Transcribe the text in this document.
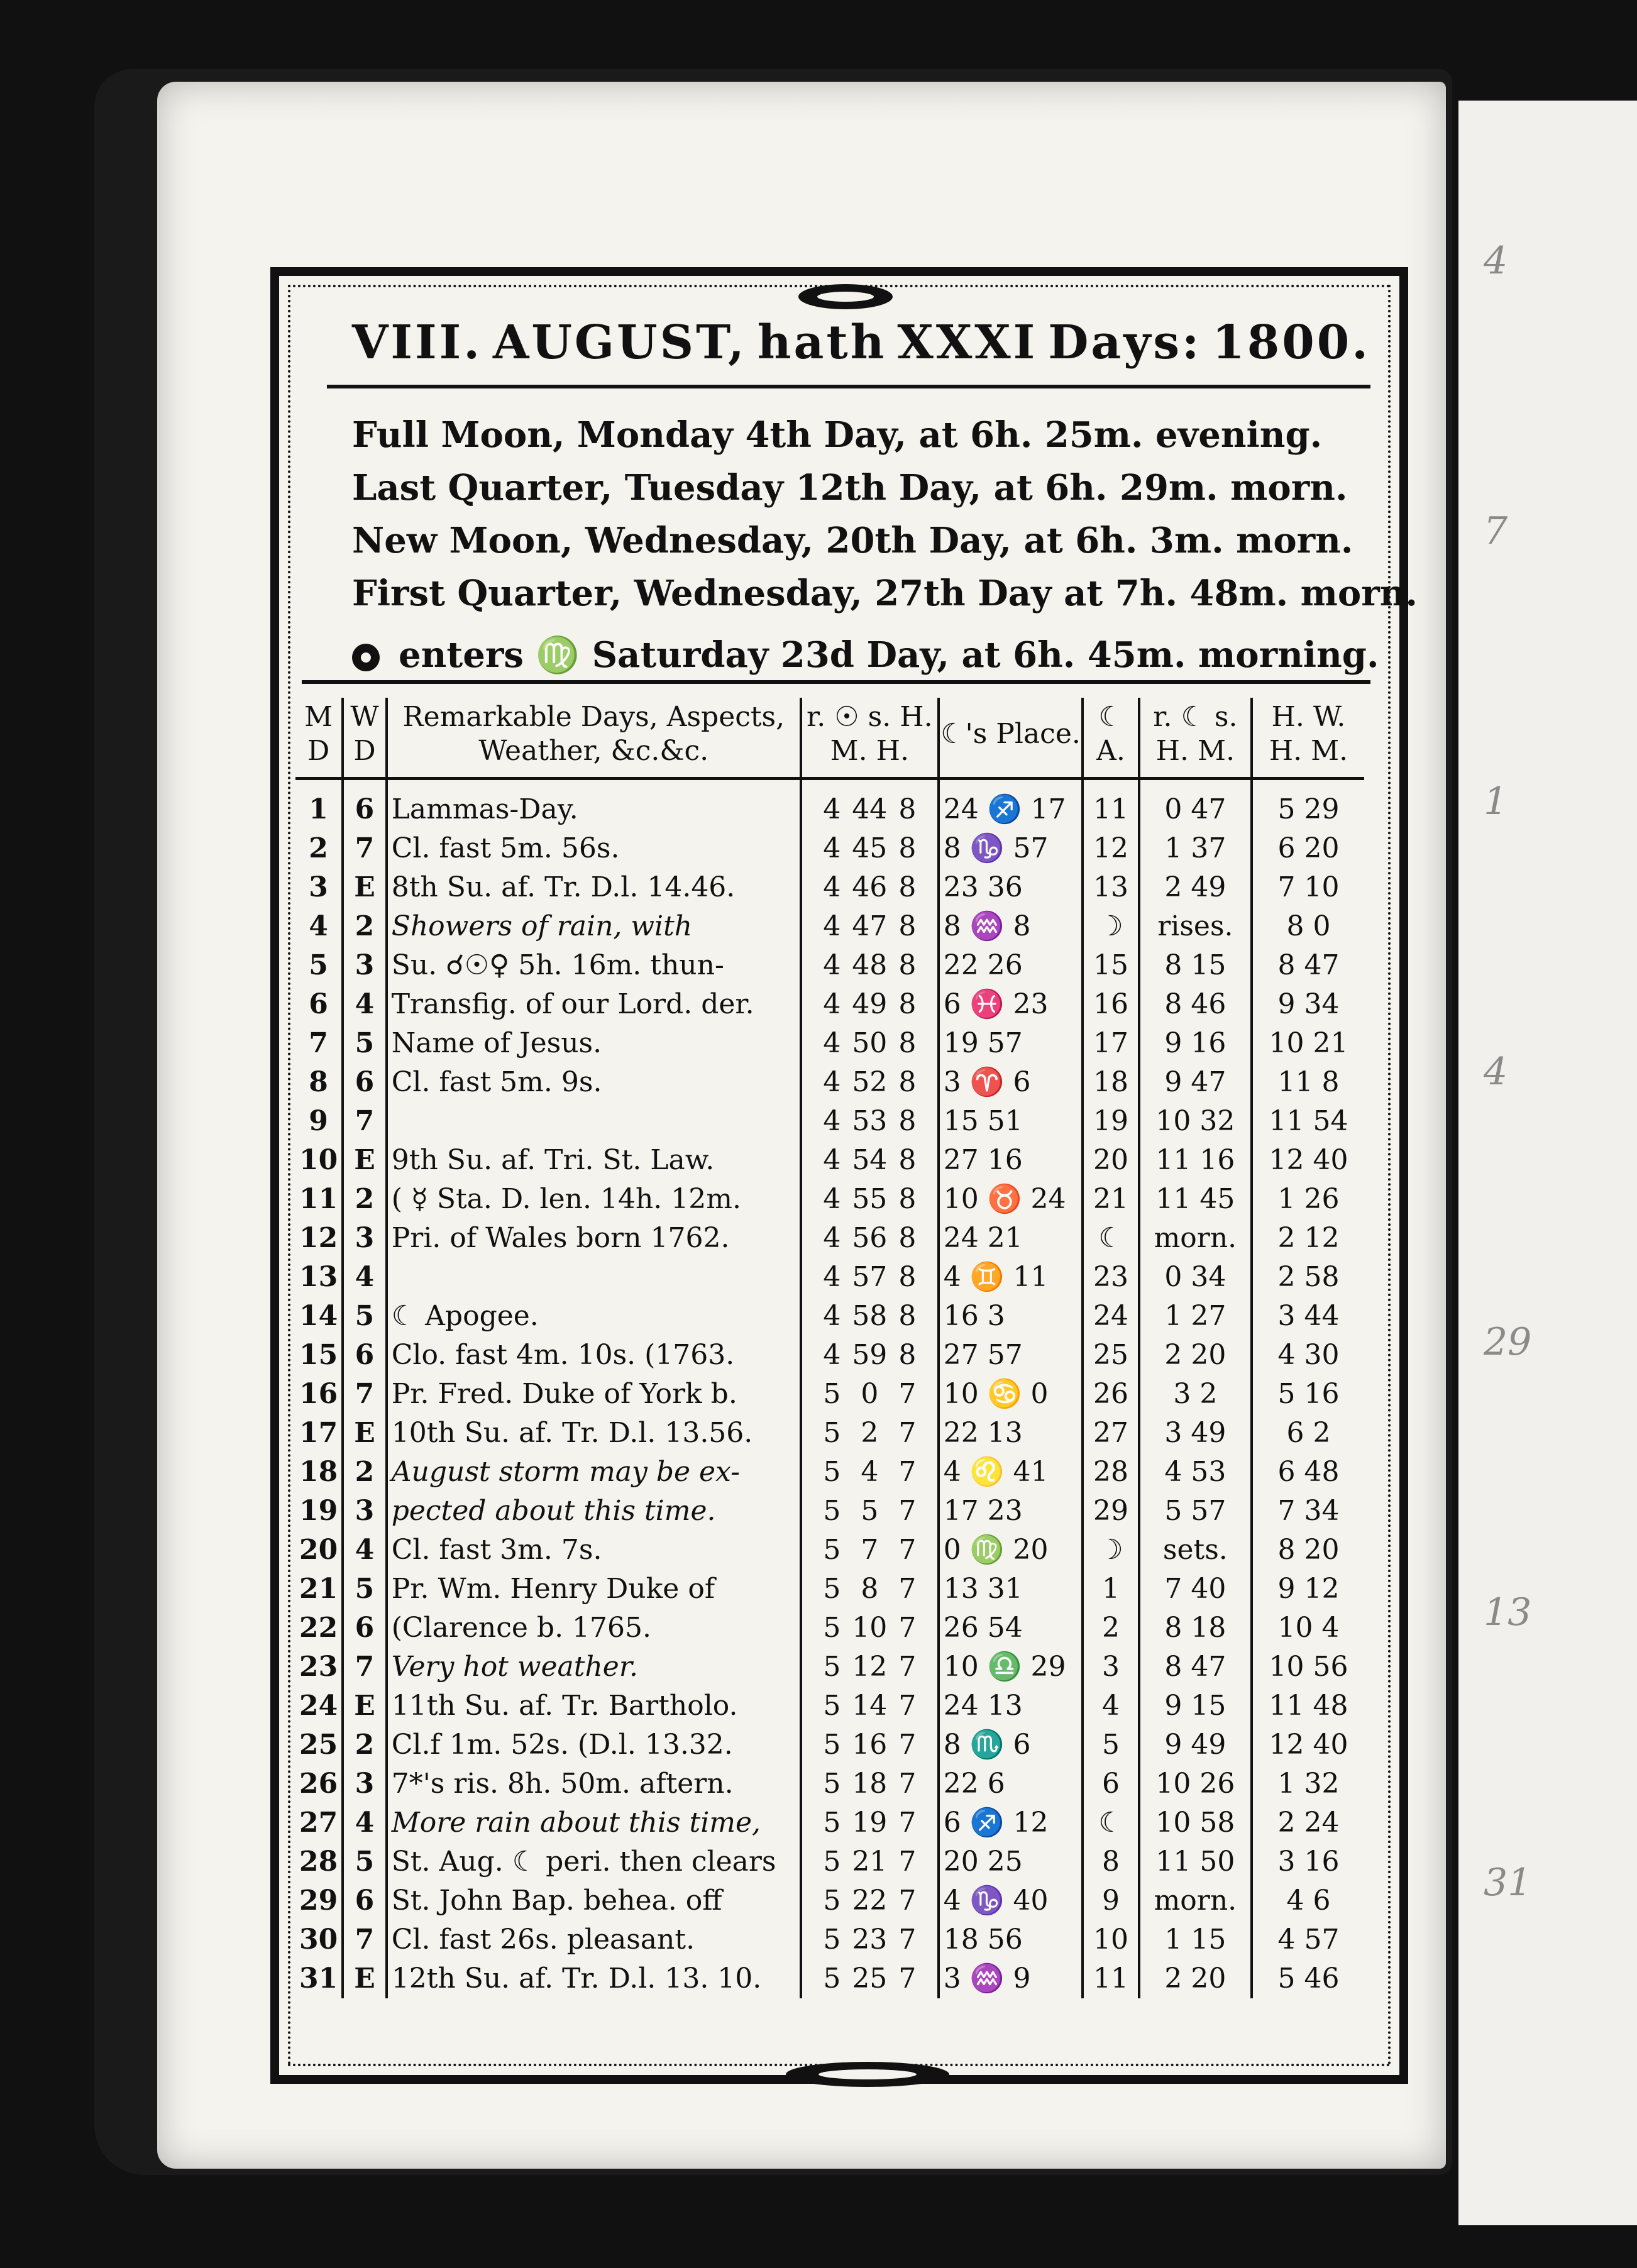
4
7
1
4
29
13
31
VIII. AUGUST, hath XXXI Days: 1800.
Full Moon, Monday 4th Day, at 6h. 25m. evening.
Last Quarter, Tuesday 12th Day, at 6h. 29m. morn.
New Moon, Wednesday, 20th Day, at 6h. 3m. morn.
First Quarter, Wednesday, 27th Day at 7h. 48m. morn.
enters ♍ Saturday 23d Day, at 6h. 45m. morning.
M D	W D	Remarkable Days, Aspects, Weather, &c.&c.	r. ☉ s. H. M. H.	☾'s Place.	☾ A.	r. ☾ s. H. M.	H. W. H. M.
1	6	Lammas-Day.	4 44 8	24 ♐ 17	11	0 47	5 29
2	7	Cl. fast 5m. 56s.	4 45 8	8 ♑ 57	12	1 37	6 20
3	E	8th Su. af. Tr. D.l. 14.46.	4 46 8	23 36	13	2 49	7 10
4	2	Showers of rain, with	4 47 8	8 ♒ 8	☽	rises.	8 0
5	3	Su. ☌☉♀ 5h. 16m. thun-	4 48 8	22 26	15	8 15	8 47
6	4	Transfig. of our Lord. der.	4 49 8	6 ♓ 23	16	8 46	9 34
7	5	Name of Jesus.	4 50 8	19 57	17	9 16	10 21
8	6	Cl. fast 5m. 9s.	4 52 8	3 ♈ 6	18	9 47	11 8
9	7		4 53 8	15 51	19	10 32	11 54
10	E	9th Su. af. Tri. St. Law.	4 54 8	27 16	20	11 16	12 40
11	2	( ☿ Sta. D. len. 14h. 12m.	4 55 8	10 ♉ 24	21	11 45	1 26
12	3	Pri. of Wales born 1762.	4 56 8	24 21	☾	morn.	2 12
13	4		4 57 8	4 ♊ 11	23	0 34	2 58
14	5	☾ Apogee.	4 58 8	16 3	24	1 27	3 44
15	6	Clo. fast 4m. 10s. (1763.	4 59 8	27 57	25	2 20	4 30
16	7	Pr. Fred. Duke of York b.	5 0 7	10 ♋ 0	26	3 2	5 16
17	E	10th Su. af. Tr. D.l. 13.56.	5 2 7	22 13	27	3 49	6 2
18	2	August storm may be ex-	5 4 7	4 ♌ 41	28	4 53	6 48
19	3	pected about this time.	5 5 7	17 23	29	5 57	7 34
20	4	Cl. fast 3m. 7s.	5 7 7	0 ♍ 20	☽	sets.	8 20
21	5	Pr. Wm. Henry Duke of	5 8 7	13 31	1	7 40	9 12
22	6	(Clarence b. 1765.	5 10 7	26 54	2	8 18	10 4
23	7	Very hot weather.	5 12 7	10 ♎ 29	3	8 47	10 56
24	E	11th Su. af. Tr. Bartholo.	5 14 7	24 13	4	9 15	11 48
25	2	Cl.f 1m. 52s. (D.l. 13.32.	5 16 7	8 ♏ 6	5	9 49	12 40
26	3	7*'s ris. 8h. 50m. aftern.	5 18 7	22 6	6	10 26	1 32
27	4	More rain about this time,	5 19 7	6 ♐ 12	☾	10 58	2 24
28	5	St. Aug. ☾ peri. then clears	5 21 7	20 25	8	11 50	3 16
29	6	St. John Bap. behea. off	5 22 7	4 ♑ 40	9	morn.	4 6
30	7	Cl. fast 26s. pleasant.	5 23 7	18 56	10	1 15	4 57
31	E	12th Su. af. Tr. D.l. 13. 10.	5 25 7	3 ♒ 9	11	2 20	5 46
